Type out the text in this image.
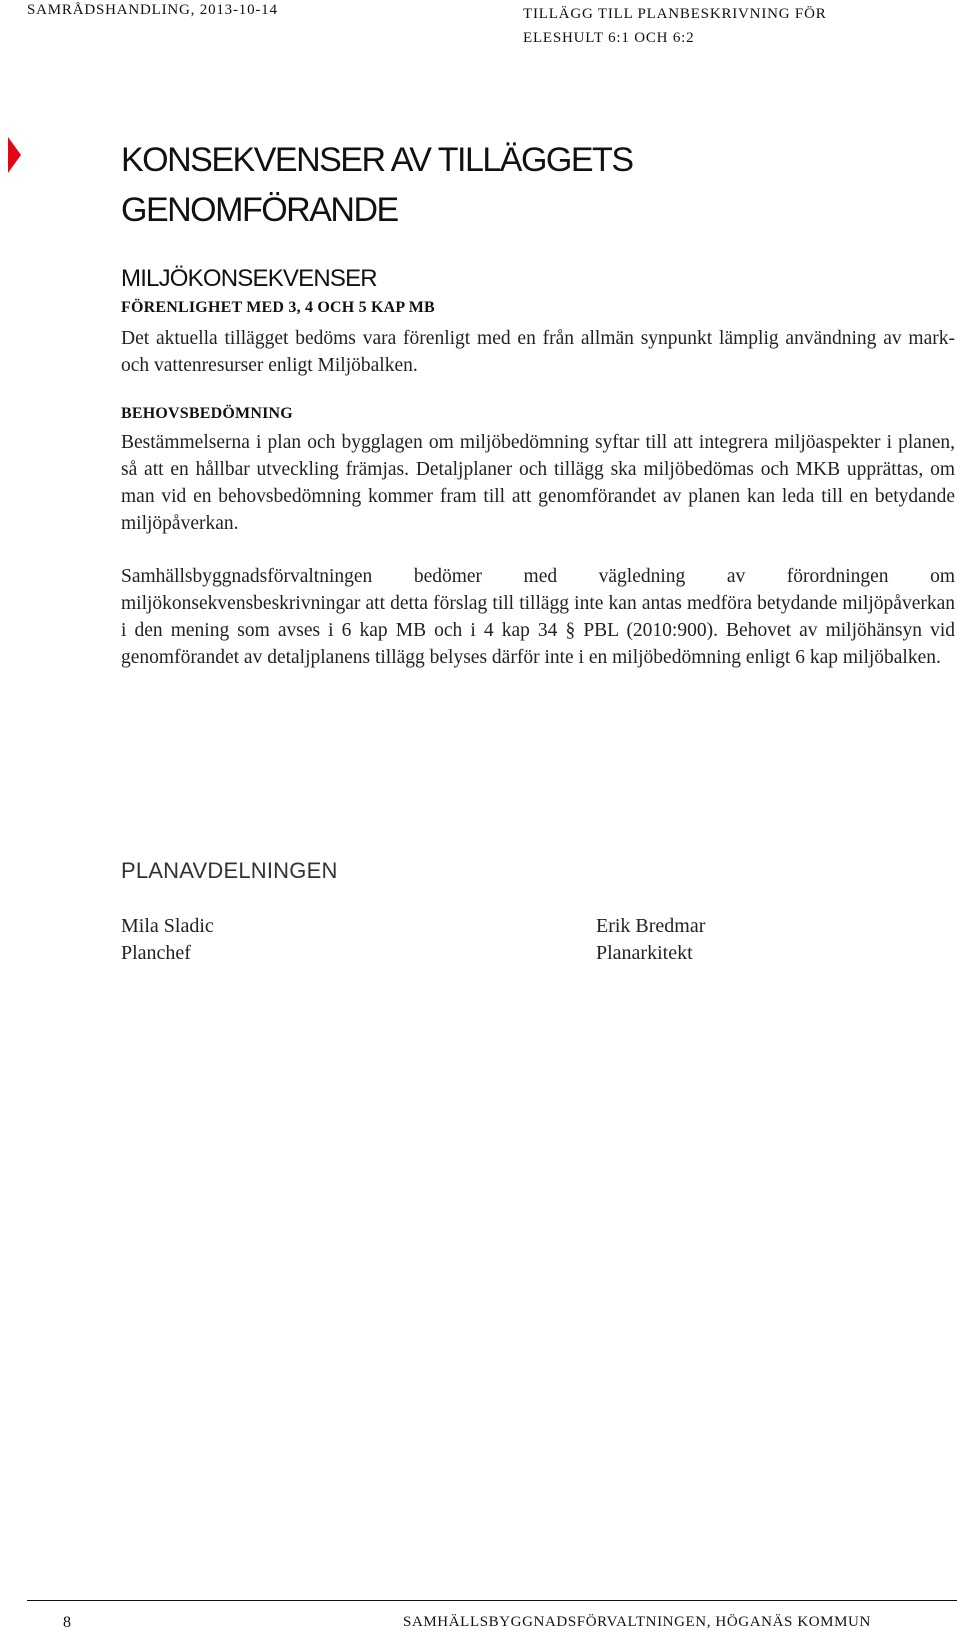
SAMRÅDSHANDLING, 2013-10-14	TILLÄGG TILL PLANBESKRIVNING FÖR
ELESHULT 6:1 OCH 6:2
KONSEKVENSER AV TILLÄGGETS
GENOMFÖRANDE
MILJÖKONSEKVENSER
FÖRENLIGHET MED 3, 4 OCH 5 KAP MB

Det aktuella tillägget bedöms vara förenligt med en från allmän synpunkt lämplig användning av mark- och vattenresurser enligt Miljöbalken.

BEHOVSBEDÖMNING

Bestämmelserna i plan och bygglagen om miljöbedömning syftar till att integrera miljöaspekter i planen, så att en hållbar utveckling främjas. Detaljplaner och tillägg ska miljöbedömas och MKB upprättas, om man vid en behovsbedömning kommer fram till att genomförandet av planen kan leda till en betydande miljöpåverkan.

Samhällsbyggnadsförvaltningen bedömer med vägledning av förordningen om miljökonsekvensbeskrivningar att detta förslag till tillägg inte kan antas medföra betydande miljöpåverkan i den mening som avses i 6 kap MB och i 4 kap 34 § PBL (2010:900). Behovet av miljöhänsyn vid genomförandet av detaljplanens tillägg belyses därför inte i en miljöbedömning enligt 6 kap miljöbalken.

PLANAVDELNINGEN
Mila Sladic
Planchef
Erik Bredmar
Planarkitekt
8	SAMHÄLLSBYGGNADSFÖRVALTNINGEN, HÖGANÄS KOMMUN
